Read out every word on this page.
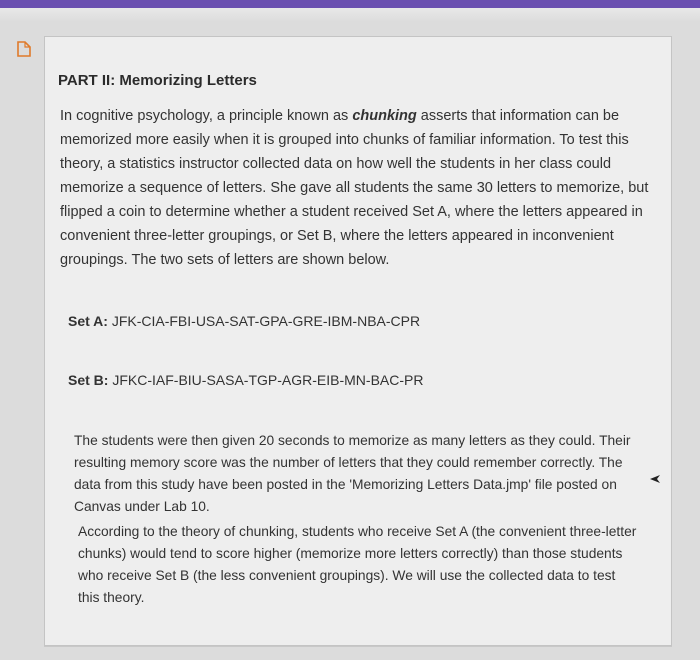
PART II: Memorizing Letters

In cognitive psychology, a principle known as chunking asserts that information can be memorized more easily when it is grouped into chunks of familiar information. To test this theory, a statistics instructor collected data on how well the students in her class could memorize a sequence of letters. She gave all students the same 30 letters to memorize, but flipped a coin to determine whether a student received Set A, where the letters appeared in convenient three-letter groupings, or Set B, where the letters appeared in inconvenient groupings. The two sets of letters are shown below.

Set A: JFK-CIA-FBI-USA-SAT-GPA-GRE-IBM-NBA-CPR

Set B: JFKC-IAF-BIU-SASA-TGP-AGR-EIB-MN-BAC-PR

The students were then given 20 seconds to memorize as many letters as they could. Their resulting memory score was the number of letters that they could remember correctly. The data from this study have been posted in the 'Memorizing Letters Data.jmp' file posted on Canvas under Lab 10.

According to the theory of chunking, students who receive Set A (the convenient three-letter chunks) would tend to score higher (memorize more letters correctly) than those students who receive Set B (the less convenient groupings). We will use the collected data to test this theory.
